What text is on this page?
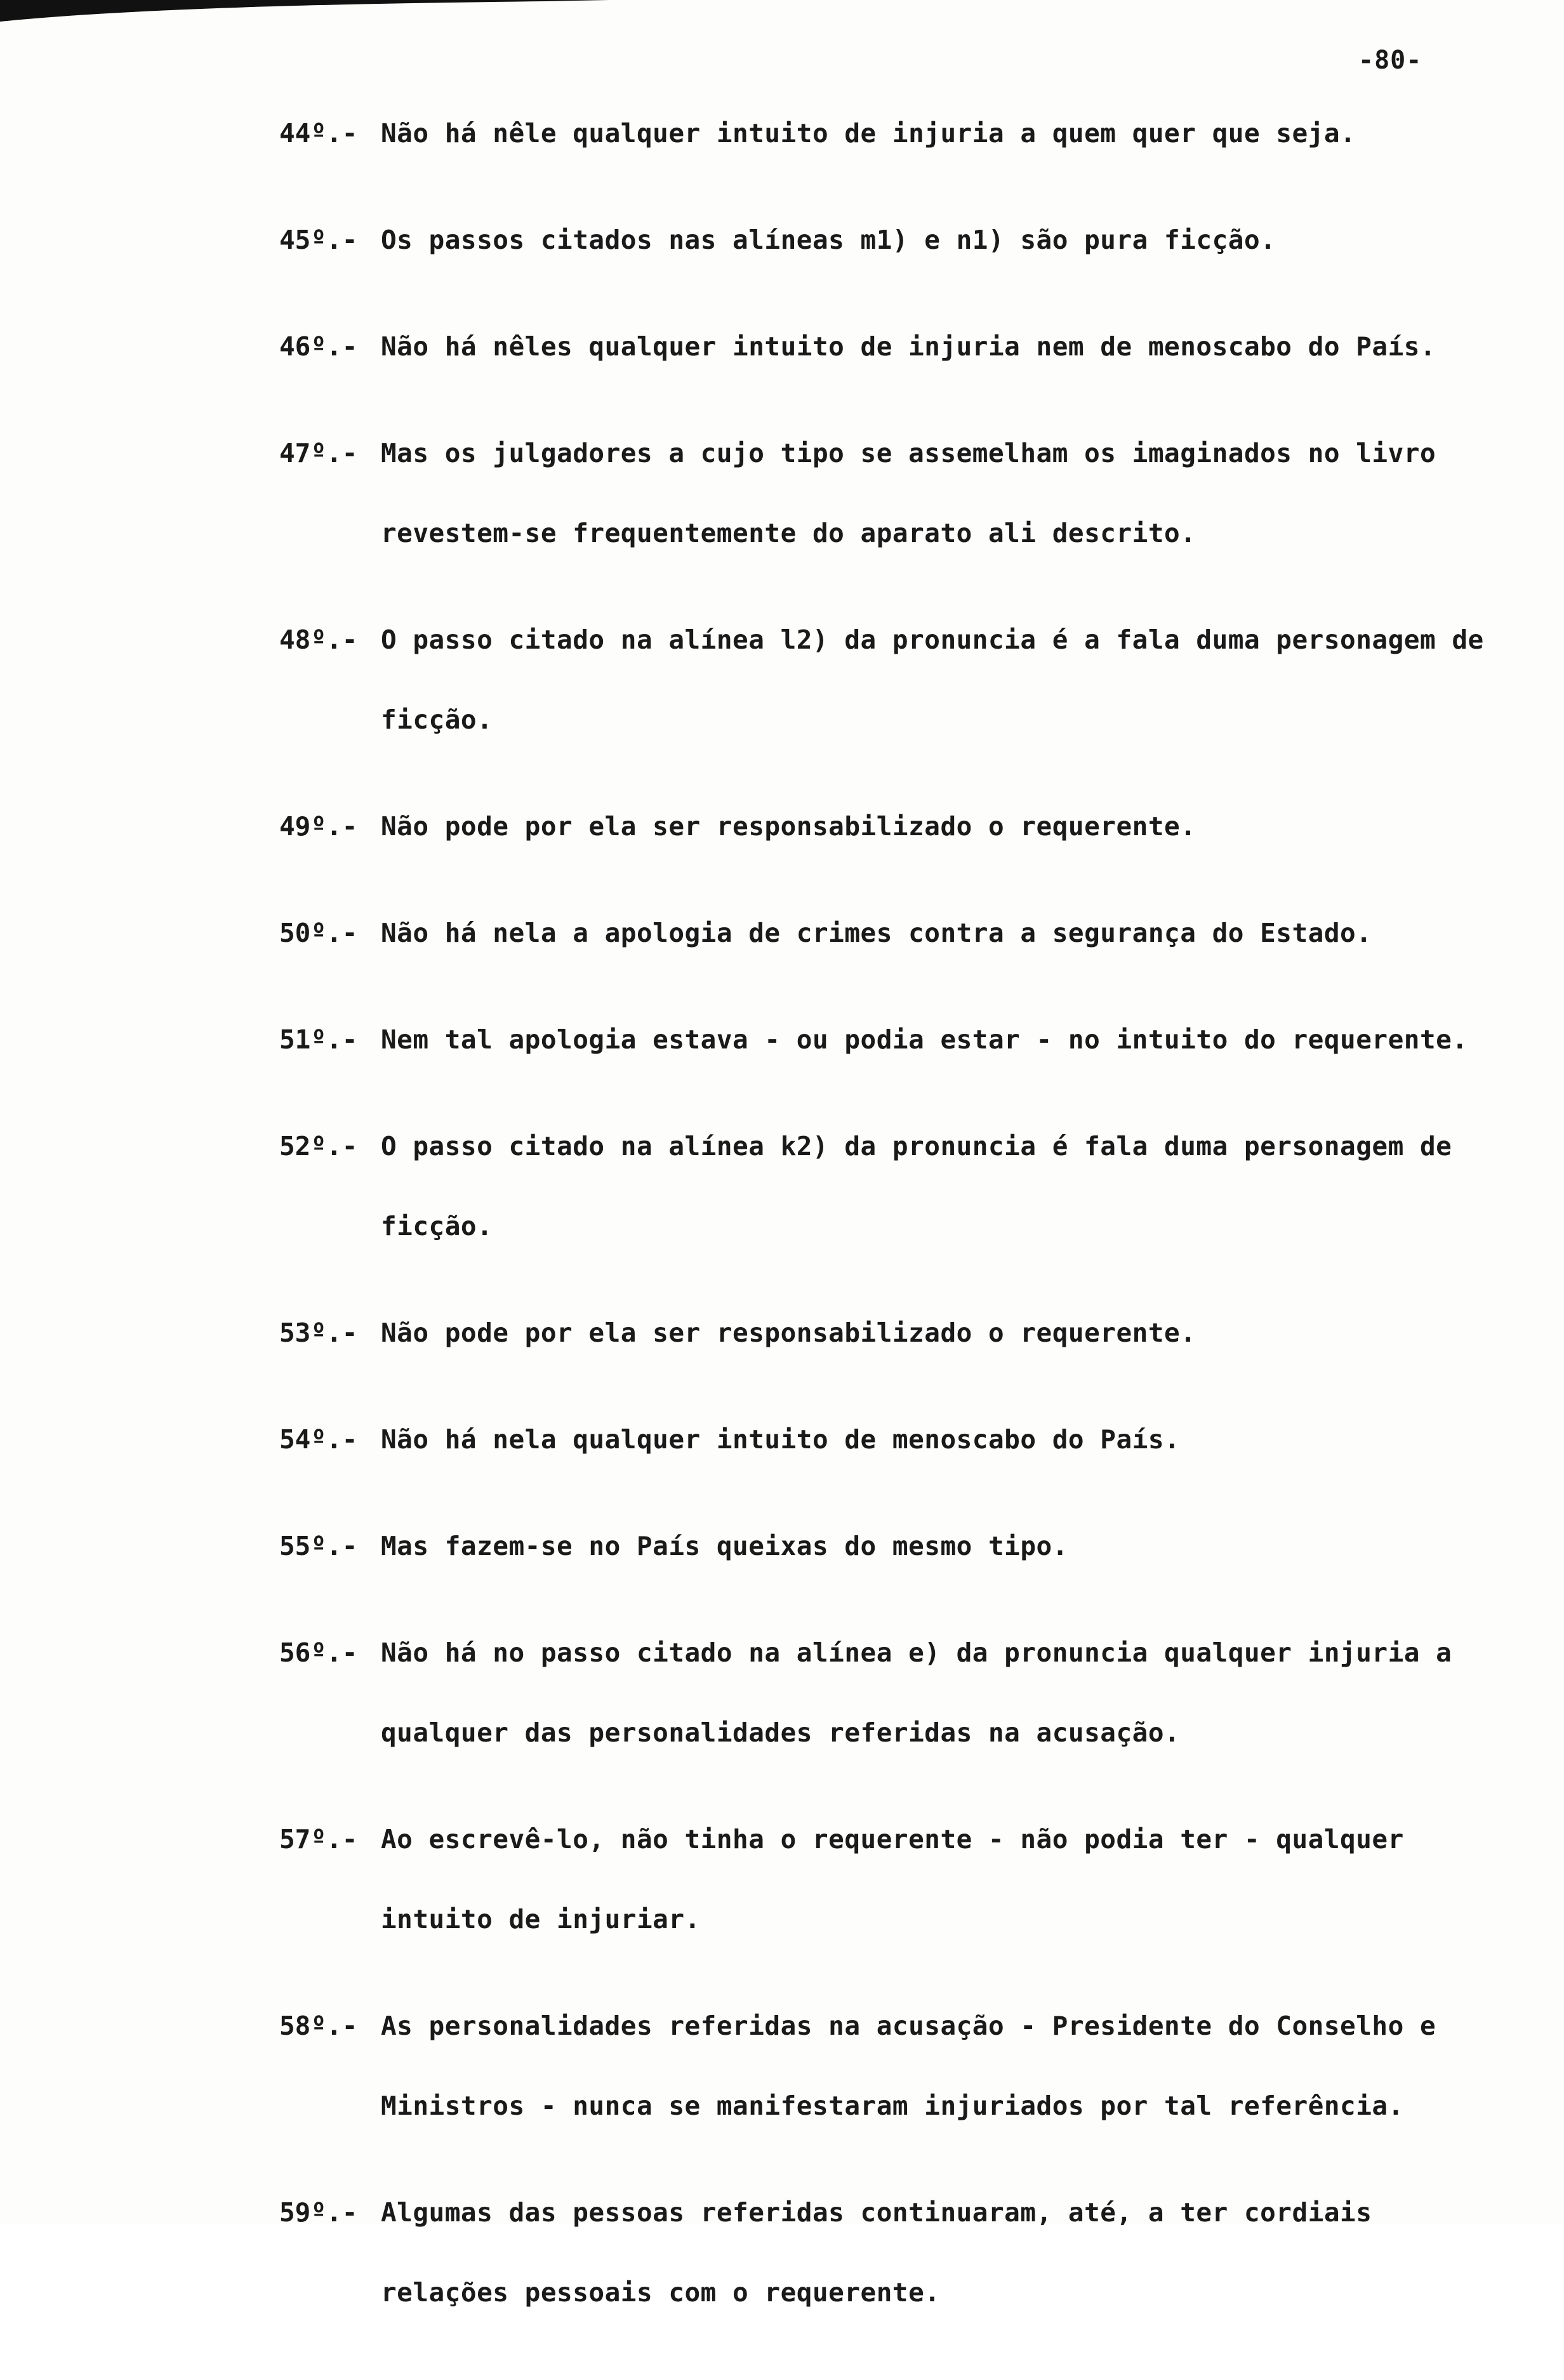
-80-
44º.- Não há nêle qualquer intuito de injuria a quem quer que seja.
45º.- Os passos citados nas alíneas m1) e n1) são pura ficção.
46º.- Não há nêles qualquer intuito de injuria nem de menoscabo do País.
47º.- Mas os julgadores a cujo tipo se assemelham os imaginados no livro revestem-se frequentemente do aparato ali descrito.
48º.- O passo citado na alínea l2) da pronuncia é a fala duma personagem de ficção.
49º.- Não pode por ela ser responsabilizado o requerente.
50º.- Não há nela a apologia de crimes contra a segurança do Estado.
51º.- Nem tal apologia estava - ou podia estar - no intuito do requerente.
52º.- O passo citado na alínea k2) da pronuncia é fala duma personagem de ficção.
53º.- Não pode por ela ser responsabilizado o requerente.
54º.- Não há nela qualquer intuito de menoscabo do País.
55º.- Mas fazem-se no País queixas do mesmo tipo.
56º.- Não há no passo citado na alínea e) da pronuncia qualquer injuria a qualquer das personalidades referidas na acusação.
57º.- Ao escrevê-lo, não tinha o requerente - não podia ter - qualquer intuito de injuriar.
58º.- As personalidades referidas na acusação - Presidente do Conselho e Ministros - nunca se manifestaram injuriados por tal referência.
59º.- Algumas das pessoas referidas continuaram, até, a ter cordiais relações pessoais com o requerente.
